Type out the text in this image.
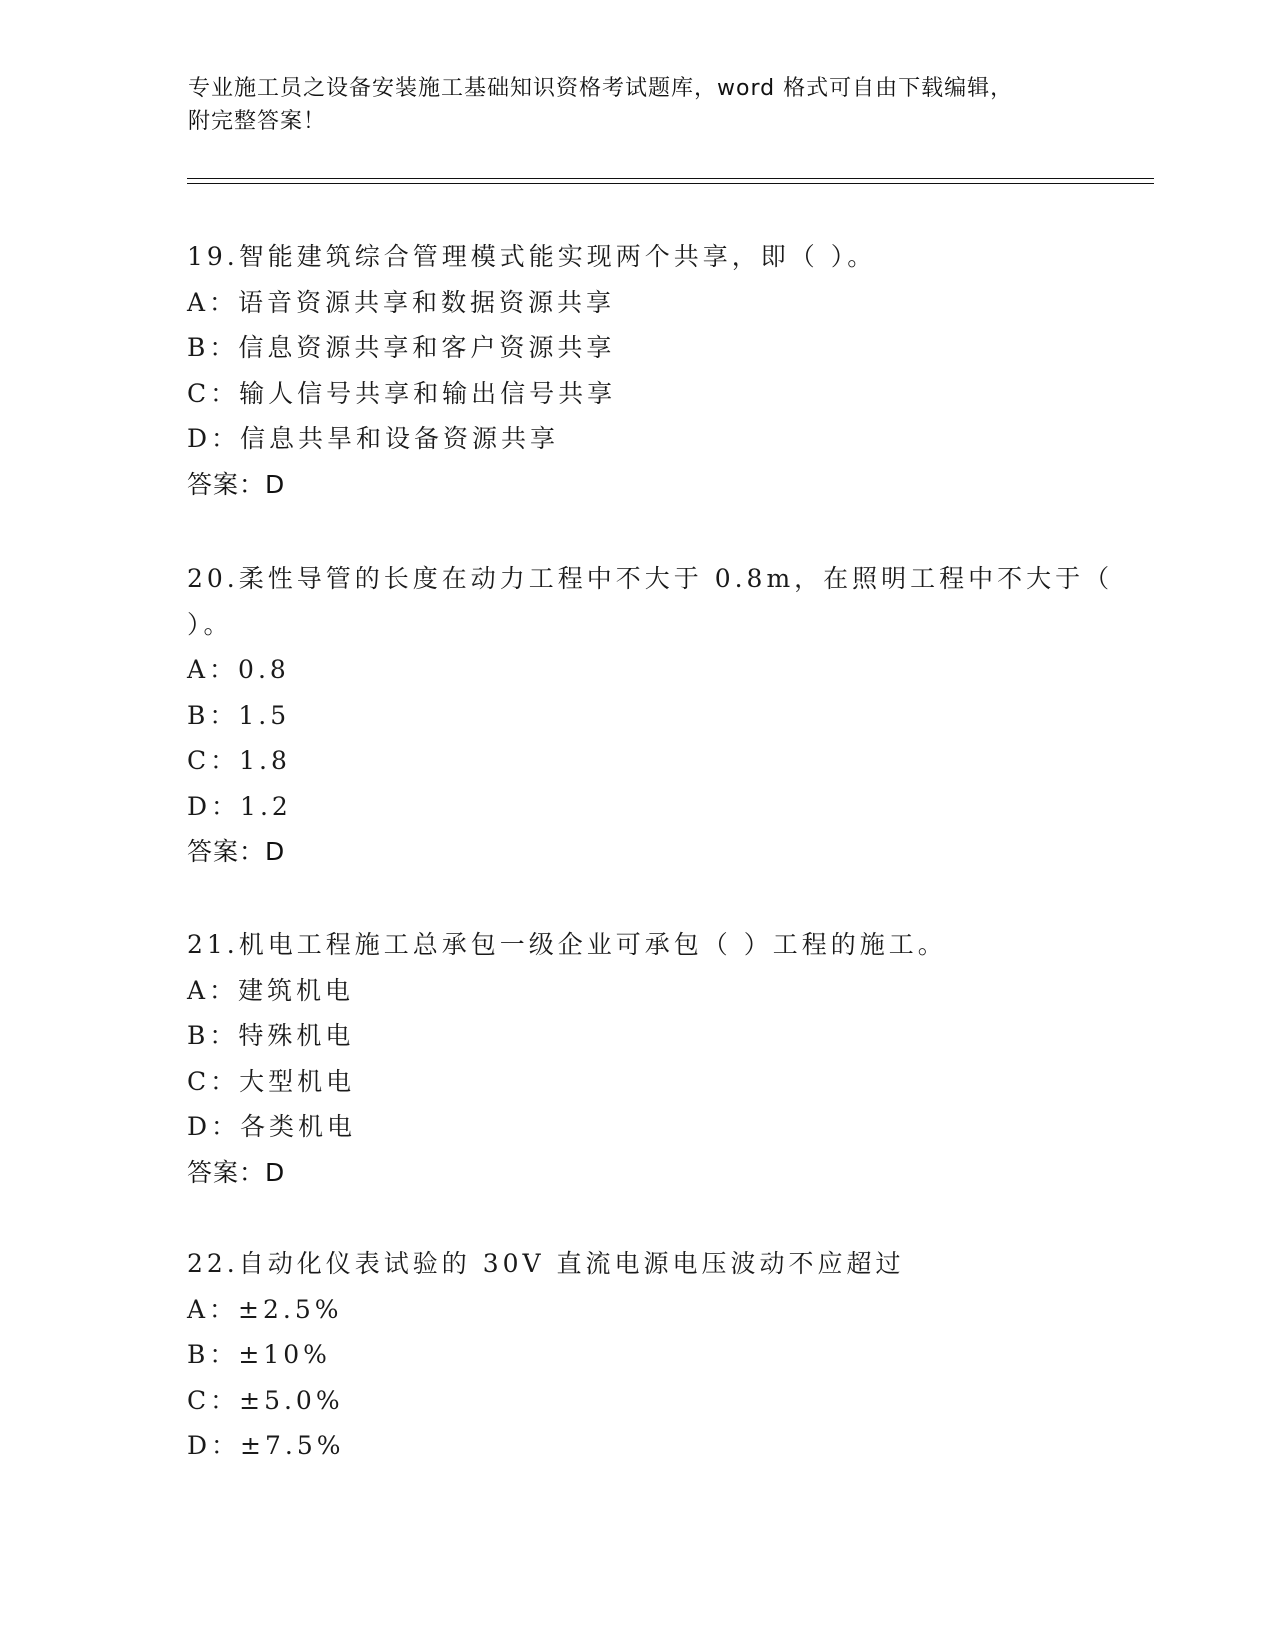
专业施工员之设备安装施工基础知识资格考试题库，word 格式可自由下载编辑，
附完整答案！
19.智能建筑综合管理模式能实现两个共享，即（ ）。
A：语音资源共享和数据资源共享
B：信息资源共享和客户资源共享
C：输人信号共享和输出信号共享
D：信息共旱和设备资源共享
答案：D
20.柔性导管的长度在动力工程中不大于 0.8m，在照明工程中不大于（
）。
A：0.8
B：1.5
C：1.8
D：1.2
答案：D
21.机电工程施工总承包一级企业可承包（ ）工程的施工。
A：建筑机电
B：特殊机电
C：大型机电
D：各类机电
答案：D
22.自动化仪表试验的 30V 直流电源电压波动不应超过
A：±2.5%
B：±10%
C：±5.0%
D：±7.5%
